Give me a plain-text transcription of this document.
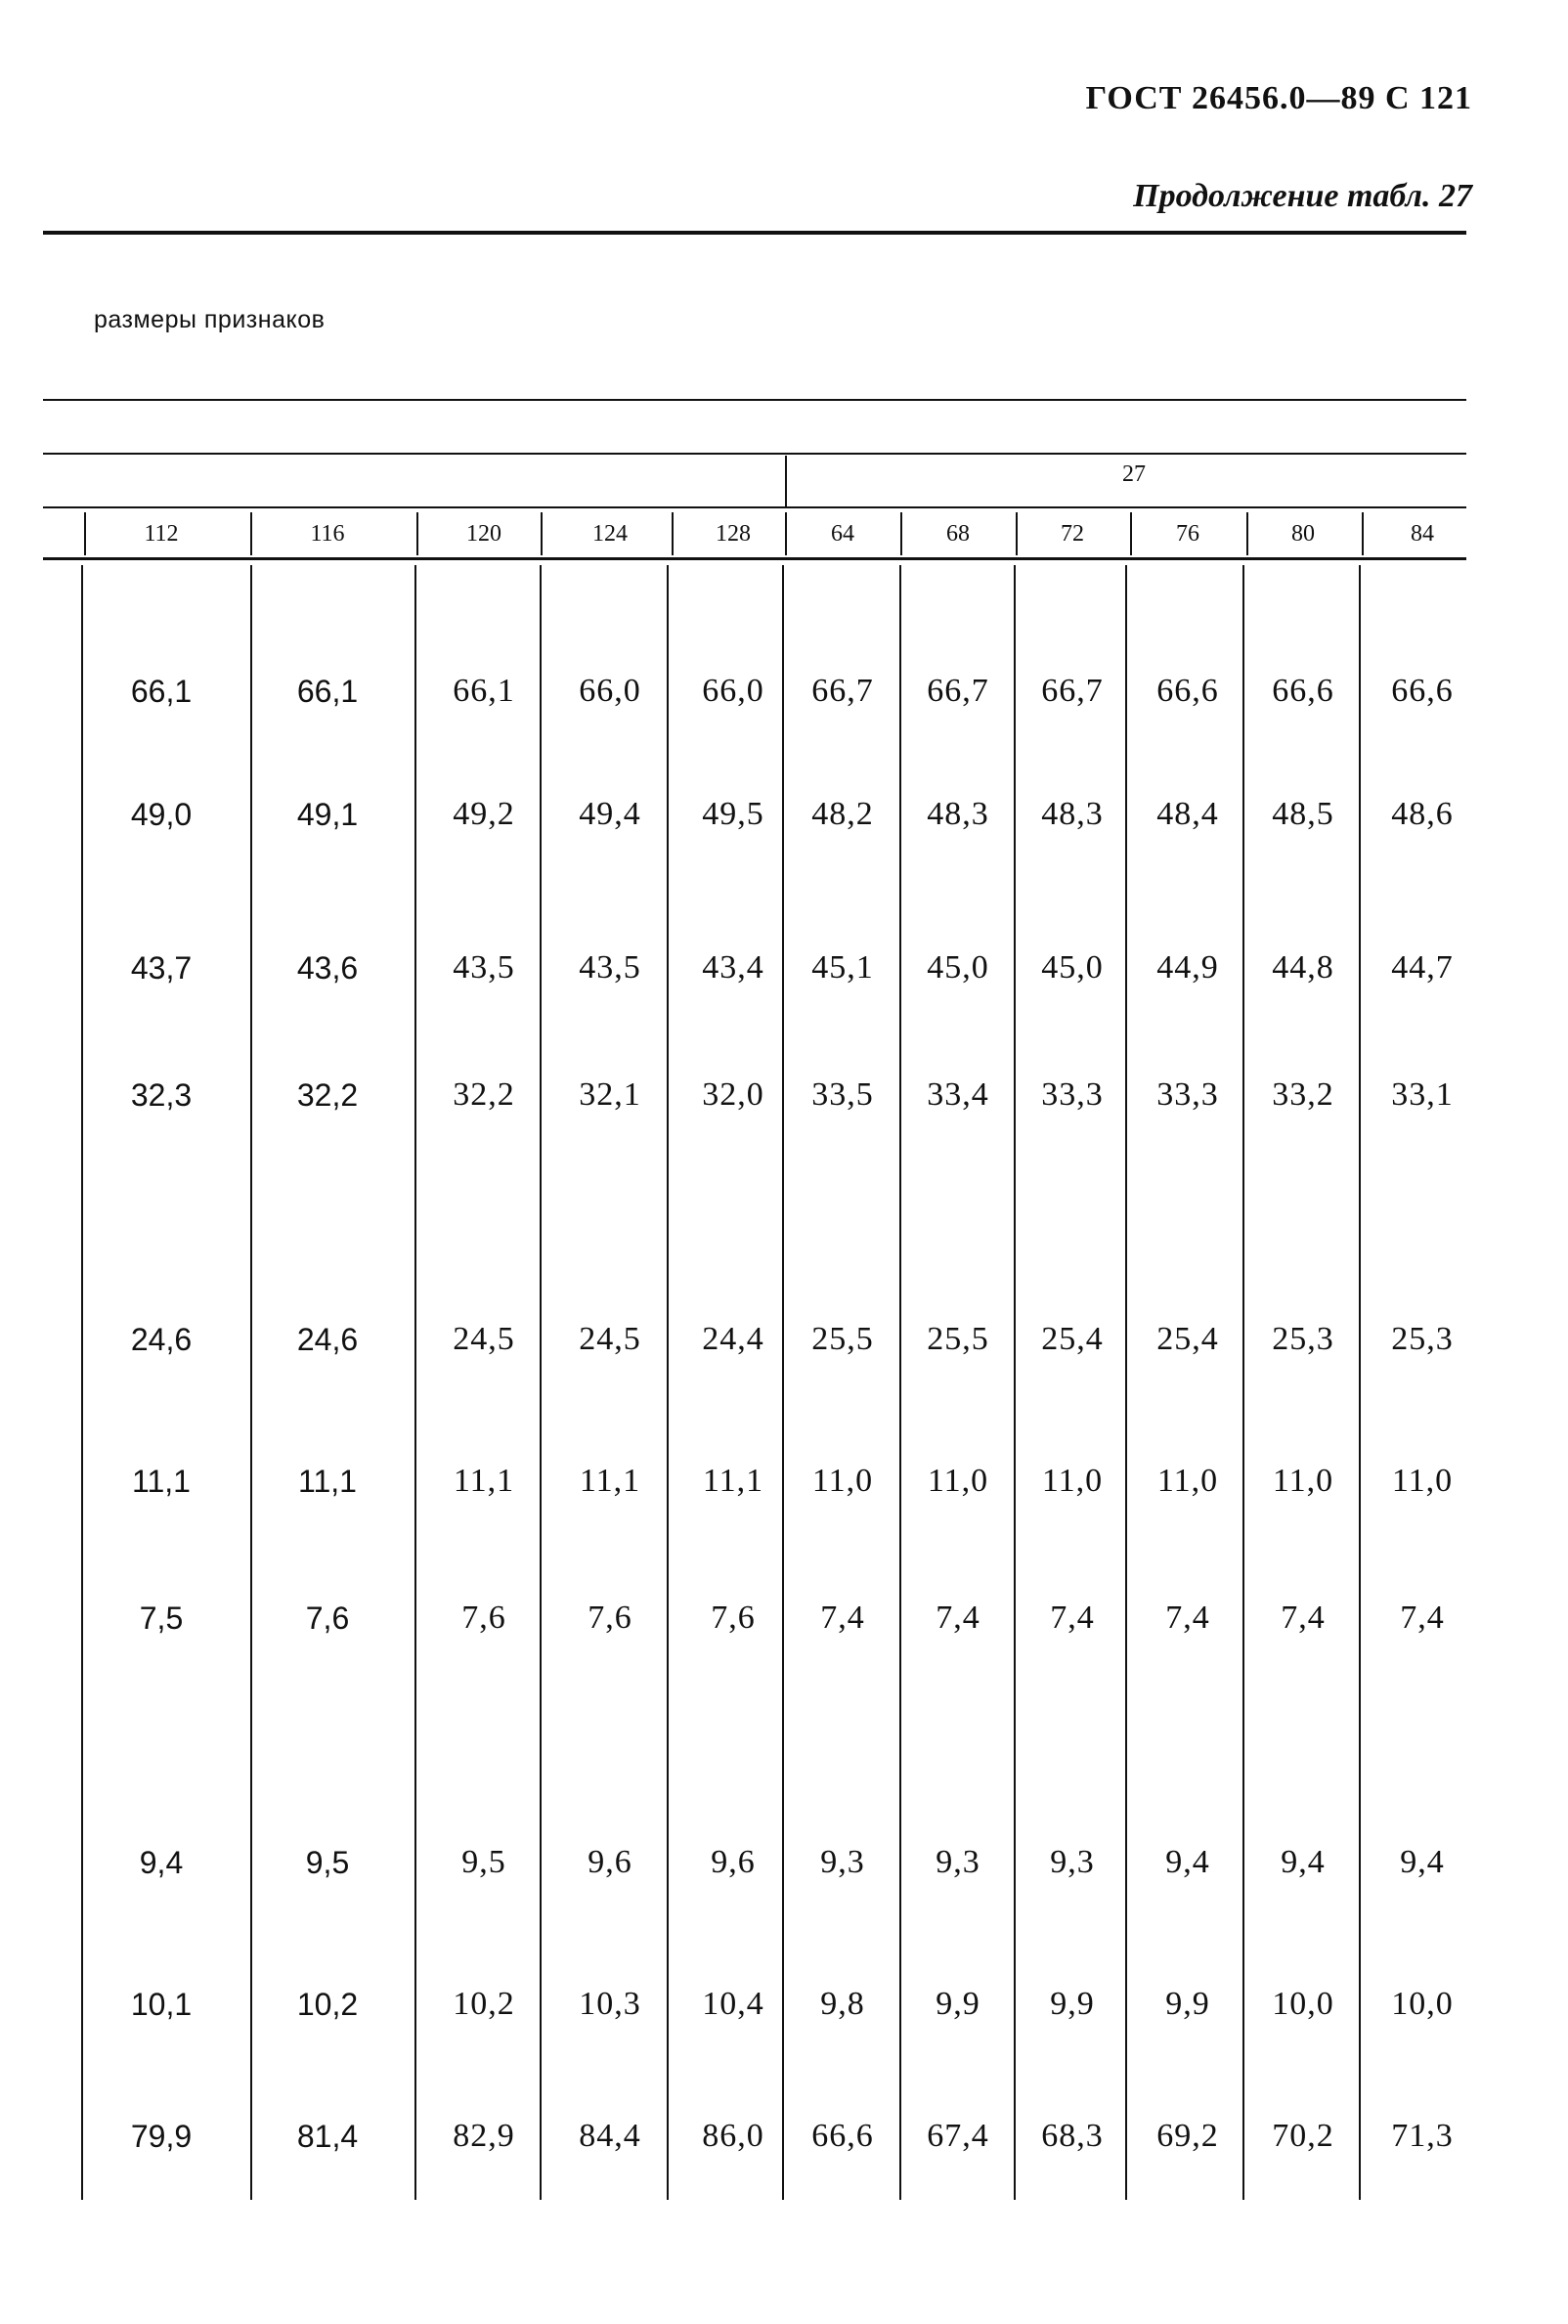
ГОСТ 26456.0—89 С 121
Продолжение табл. 27
размеры признаков
27
112	116	120	124	128	64	68	72	76	80	84
66,1	66,1	66,1	66,0	66,0	66,7	66,7	66,7	66,6	66,6	66,6
49,0	49,1	49,2	49,4	49,5	48,2	48,3	48,3	48,4	48,5	48,6
43,7	43,6	43,5	43,5	43,4	45,1	45,0	45,0	44,9	44,8	44,7
32,3	32,2	32,2	32,1	32,0	33,5	33,4	33,3	33,3	33,2	33,1
24,6	24,6	24,5	24,5	24,4	25,5	25,5	25,4	25,4	25,3	25,3
11,1	11,1	11,1	11,1	11,1	11,0	11,0	11,0	11,0	11,0	11,0
7,5	7,6	7,6	7,6	7,6	7,4	7,4	7,4	7,4	7,4	7,4
9,4	9,5	9,5	9,6	9,6	9,3	9,3	9,3	9,4	9,4	9,4
10,1	10,2	10,2	10,3	10,4	9,8	9,9	9,9	9,9	10,0	10,0
79,9	81,4	82,9	84,4	86,0	66,6	67,4	68,3	69,2	70,2	71,3
